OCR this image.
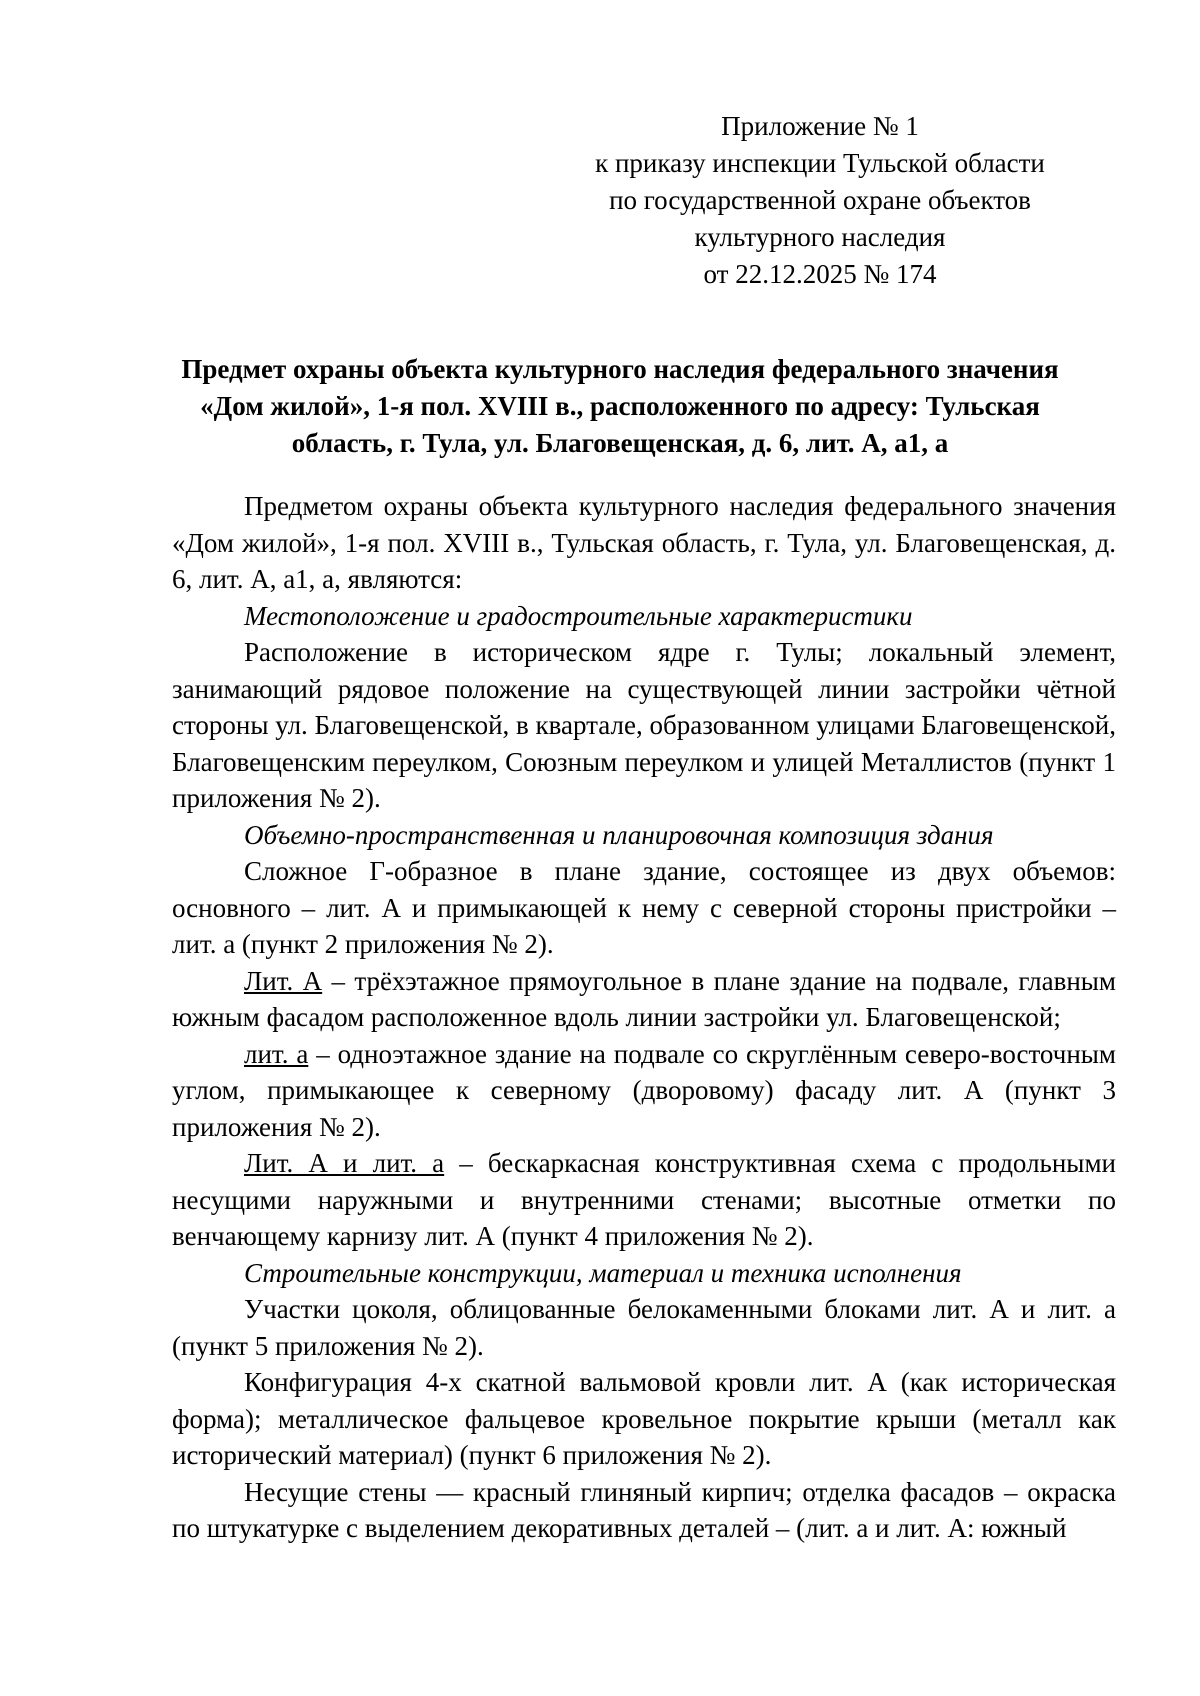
Приложение № 1
к приказу инспекции Тульской области
по государственной охране объектов
культурного наследия
от 22.12.2025 № 174
Предмет охраны объекта культурного наследия федерального значения «Дом жилой», 1-я пол. XVIII в., расположенного по адресу: Тульская область, г. Тула, ул. Благовещенская, д. 6, лит. А, а1, а

Предметом охраны объекта культурного наследия федерального значения «Дом жилой», 1-я пол. XVIII в., Тульская область, г. Тула, ул. Благовещенская, д. 6, лит. А, а1, а, являются:

Местоположение и градостроительные характеристики

Расположение в историческом ядре г. Тулы; локальный элемент, занимающий рядовое положение на существующей линии застройки чётной стороны ул. Благовещенской, в квартале, образованном улицами Благовещенской, Благовещенским переулком, Союзным переулком и улицей Металлистов (пункт 1 приложения № 2).

Объемно-пространственная и планировочная композиция здания

Сложное Г-образное в плане здание, состоящее из двух объемов: основного – лит. А и примыкающей к нему с северной стороны пристройки – лит. а (пункт 2 приложения № 2).

Лит. А – трёхэтажное прямоугольное в плане здание на подвале, главным южным фасадом расположенное вдоль линии застройки ул. Благовещенской;

лит. а – одноэтажное здание на подвале со скруглённым северо-восточным углом, примыкающее к северному (дворовому) фасаду лит. А (пункт 3 приложения № 2).

Лит. А и лит. а – бескаркасная конструктивная схема с продольными несущими наружными и внутренними стенами; высотные отметки по венчающему карнизу лит. А (пункт 4 приложения № 2).

Строительные конструкции, материал и техника исполнения

Участки цоколя, облицованные белокаменными блоками лит. А и лит. а (пункт 5 приложения № 2).

Конфигурация 4-х скатной вальмовой кровли лит. А (как историческая форма); металлическое фальцевое кровельное покрытие крыши (металл как исторический материал) (пункт 6 приложения № 2).

Несущие стены — красный глиняный кирпич; отделка фасадов – окраска по штукатурке с выделением декоративных деталей – (лит. а и лит. А: южный
